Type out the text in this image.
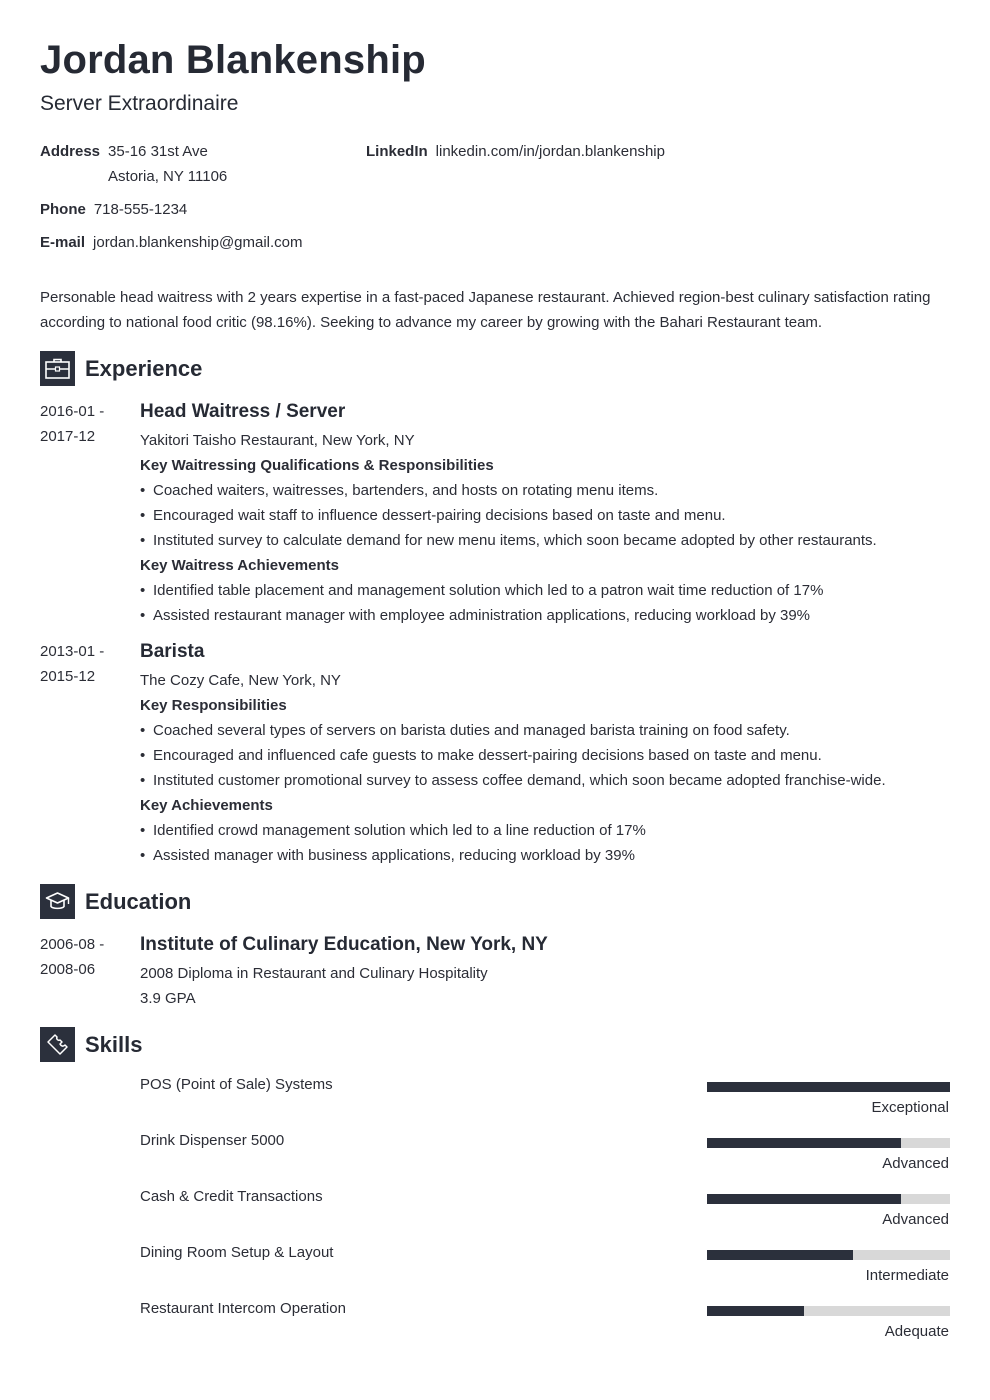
Jordan Blankenship
Server Extraordinaire
Address 35-16 31st Ave
Astoria, NY 11106
LinkedIn linkedin.com/in/jordan.blankenship
Phone 718-555-1234
E-mail jordan.blankenship@gmail.com
Personable head waitress with 2 years expertise in a fast-paced Japanese restaurant. Achieved region-best culinary satisfaction rating according to national food critic (98.16%). Seeking to advance my career by growing with the Bahari Restaurant team.
Experience
2016-01 -
2017-12
Head Waitress / Server
Yakitori Taisho Restaurant, New York, NY
Key Waitressing Qualifications & Responsibilities
• Coached waiters, waitresses, bartenders, and hosts on rotating menu items.
• Encouraged wait staff to influence dessert-pairing decisions based on taste and menu.
• Instituted survey to calculate demand for new menu items, which soon became adopted by other restaurants.
Key Waitress Achievements
• Identified table placement and management solution which led to a patron wait time reduction of 17%
• Assisted restaurant manager with employee administration applications, reducing workload by 39%
2013-01 -
2015-12
Barista
The Cozy Cafe, New York, NY
Key Responsibilities
• Coached several types of servers on barista duties and managed barista training on food safety.
• Encouraged and influenced cafe guests to make dessert-pairing decisions based on taste and menu.
• Instituted customer promotional survey to assess coffee demand, which soon became adopted franchise-wide.
Key Achievements
• Identified crowd management solution which led to a line reduction of 17%
• Assisted manager with business applications, reducing workload by 39%
Education
2006-08 -
2008-06
Institute of Culinary Education, New York, NY
2008 Diploma in Restaurant and Culinary Hospitality
3.9 GPA
Skills
POS (Point of Sale) Systems
Exceptional
Drink Dispenser 5000
Advanced
Cash & Credit Transactions
Advanced
Dining Room Setup & Layout
Intermediate
Restaurant Intercom Operation
Adequate
